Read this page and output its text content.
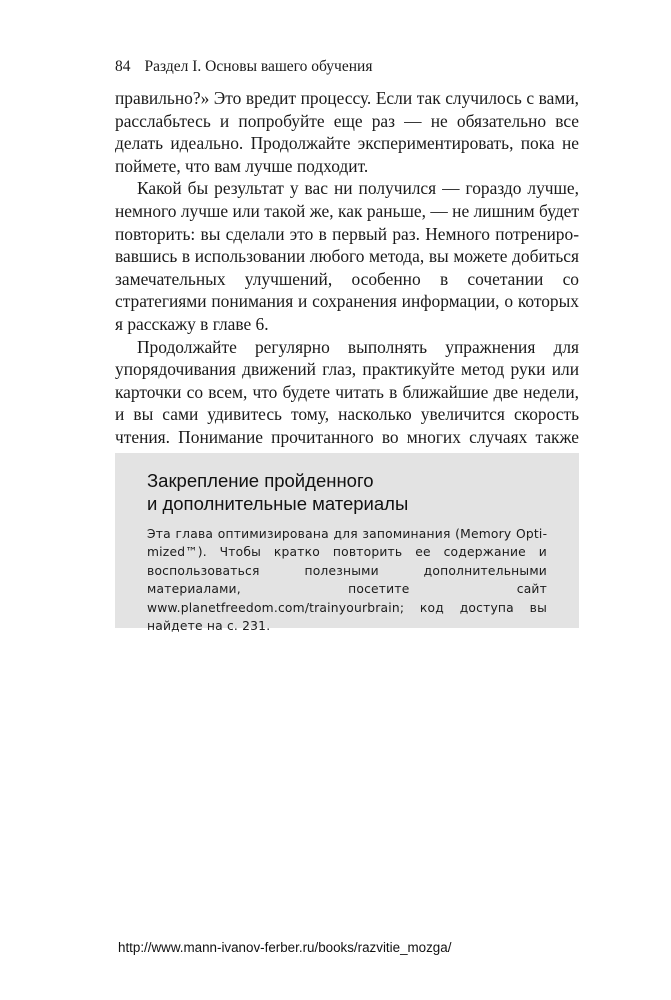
84 Раздел I. Основы вашего обучения

правильно?» Это вредит процессу. Если так случилось с вами, расслабьтесь и попробуйте еще раз — не обязательно все делать идеально. Продолжайте экспериментировать, пока не поймете, что вам лучше подходит.

Какой бы результат у вас ни получился — гораздо лучше, немного лучше или такой же, как раньше, — не лишним будет повторить: вы сделали это в первый раз. Немного потренировавшись в использовании любого метода, вы можете добиться замечательных улучшений, особенно в сочетании со стратегиями понимания и сохранения информации, о которых я расскажу в главе 6.

Продолжайте регулярно выполнять упражнения для упорядочивания движений глаз, практикуйте метод руки или карточки со всем, что будете читать в ближайшие две недели, и вы сами удивитесь тому, насколько увеличится скорость чтения. Понимание прочитанного во многих случаях также

Закрепление пройденного
и дополнительные материалы

Эта глава оптимизирована для запоминания (Memory Optimized™). Чтобы кратко повторить ее содержание и воспользоваться полезными дополнительными материалами, посетите сайт www.planetfreedom.com/trainyourbrain; код доступа вы найдете на с. 231.

http://www.mann-ivanov-ferber.ru/books/razvitie_mozga/
